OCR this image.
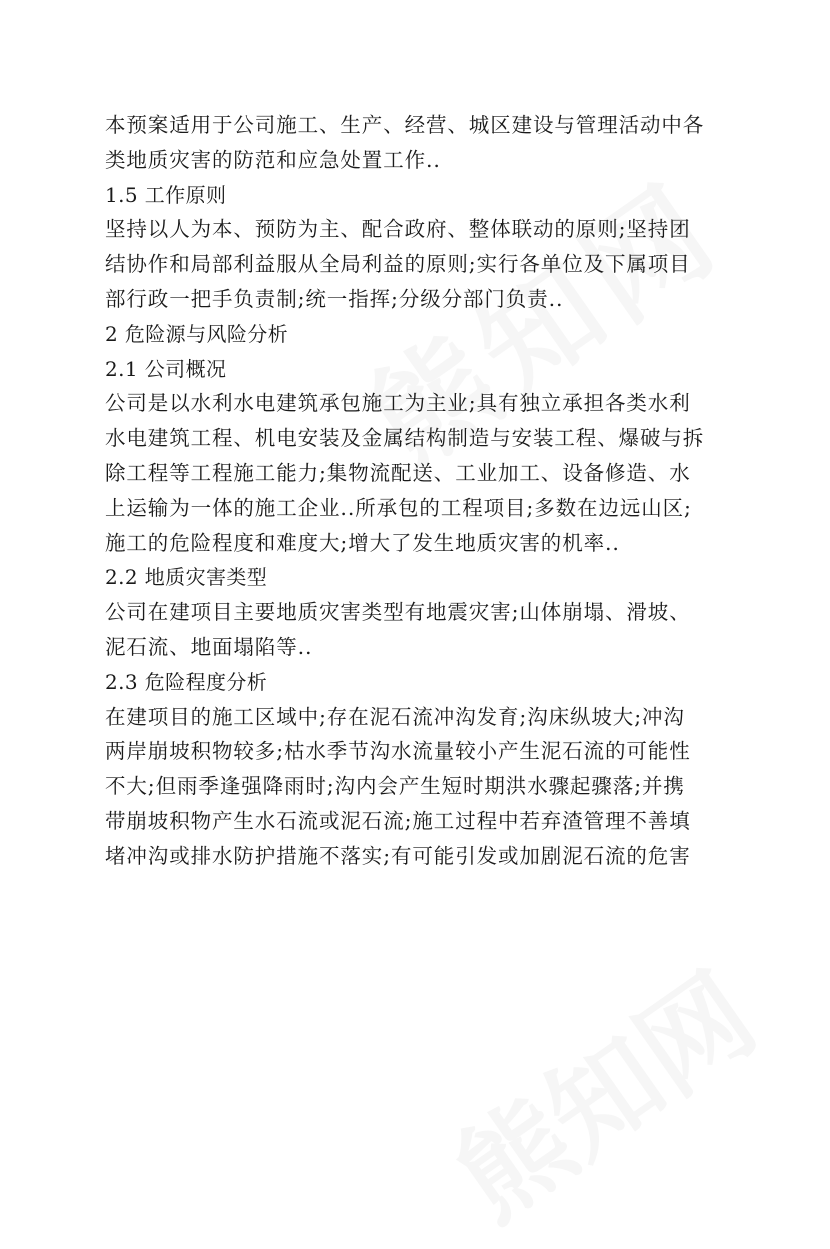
本预案适用于公司施工、生产、经营、城区建设与管理活动中各
类地质灾害的防范和应急处置工作..
1.5 工作原则
坚持以人为本、预防为主、配合政府、整体联动的原则;坚持团
结协作和局部利益服从全局利益的原则;实行各单位及下属项目
部行政一把手负责制;统一指挥;分级分部门负责..
2 危险源与风险分析
2.1 公司概况
公司是以水利水电建筑承包施工为主业;具有独立承担各类水利
水电建筑工程、机电安装及金属结构制造与安装工程、爆破与拆
除工程等工程施工能力;集物流配送、工业加工、设备修造、水
上运输为一体的施工企业..所承包的工程项目;多数在边远山区;
施工的危险程度和难度大;增大了发生地质灾害的机率..
2.2 地质灾害类型
公司在建项目主要地质灾害类型有地震灾害;山体崩塌、滑坡、
泥石流、地面塌陷等..
2.3 危险程度分析
在建项目的施工区域中;存在泥石流冲沟发育;沟床纵坡大;冲沟
两岸崩坡积物较多;枯水季节沟水流量较小产生泥石流的可能性
不大;但雨季逢强降雨时;沟内会产生短时期洪水骤起骤落;并携
带崩坡积物产生水石流或泥石流;施工过程中若弃渣管理不善填
堵冲沟或排水防护措施不落实;有可能引发或加剧泥石流的危害
